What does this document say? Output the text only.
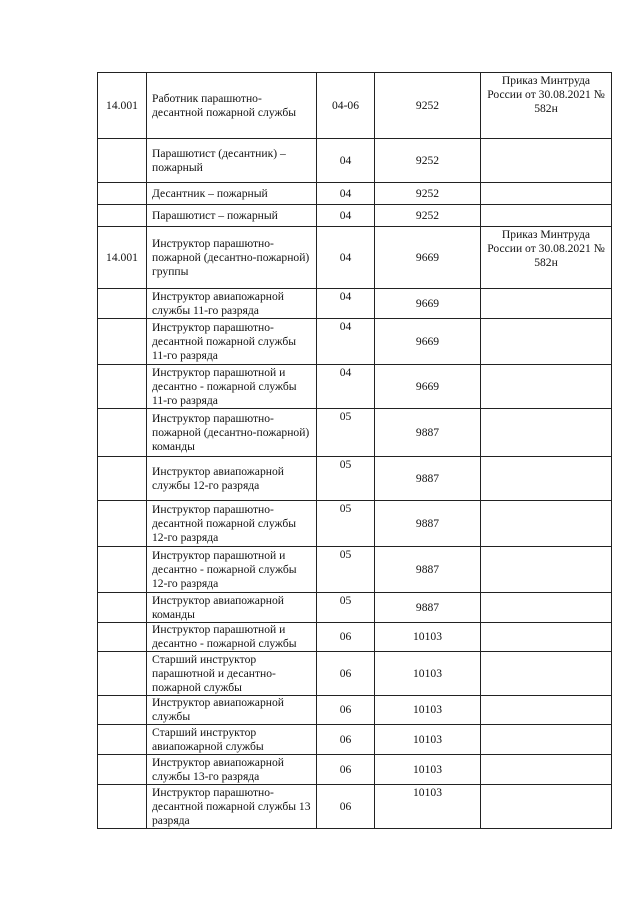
14.001	Работник парашютно-десантной пожарной службы	04-06	9252	Приказ Минтруда России от 30.08.2021 № 582н
	Парашютист (десантник) – пожарный	04	9252	
	Десантник – пожарный	04	9252	
	Парашютист – пожарный	04	9252	
14.001	Инструктор парашютно-пожарной (десантно-пожарной) группы	04	9669	Приказ Минтруда России от 30.08.2021 № 582н
	Инструктор авиапожарной службы 11-го разряда	04	9669	
	Инструктор парашютно-десантной пожарной службы 11-го разряда	04	9669	
	Инструктор парашютной и десантно - пожарной службы 11-го разряда	04	9669	
	Инструктор парашютно-пожарной (десантно-пожарной) команды	05	9887	
	Инструктор авиапожарной службы 12-го разряда	05	9887	
	Инструктор парашютно-десантной пожарной службы 12-го разряда	05	9887	
	Инструктор парашютной и десантно - пожарной службы 12-го разряда	05	9887	
	Инструктор авиапожарной команды	05	9887	
	Инструктор парашютной и десантно - пожарной службы	06	10103	
	Старший инструктор парашютной и десантно-пожарной службы	06	10103	
	Инструктор авиапожарной службы	06	10103	
	Старший инструктор авиапожарной службы	06	10103	
	Инструктор авиапожарной службы 13-го разряда	06	10103	
	Инструктор парашютно-десантной пожарной службы 13 разряда	06	10103	
